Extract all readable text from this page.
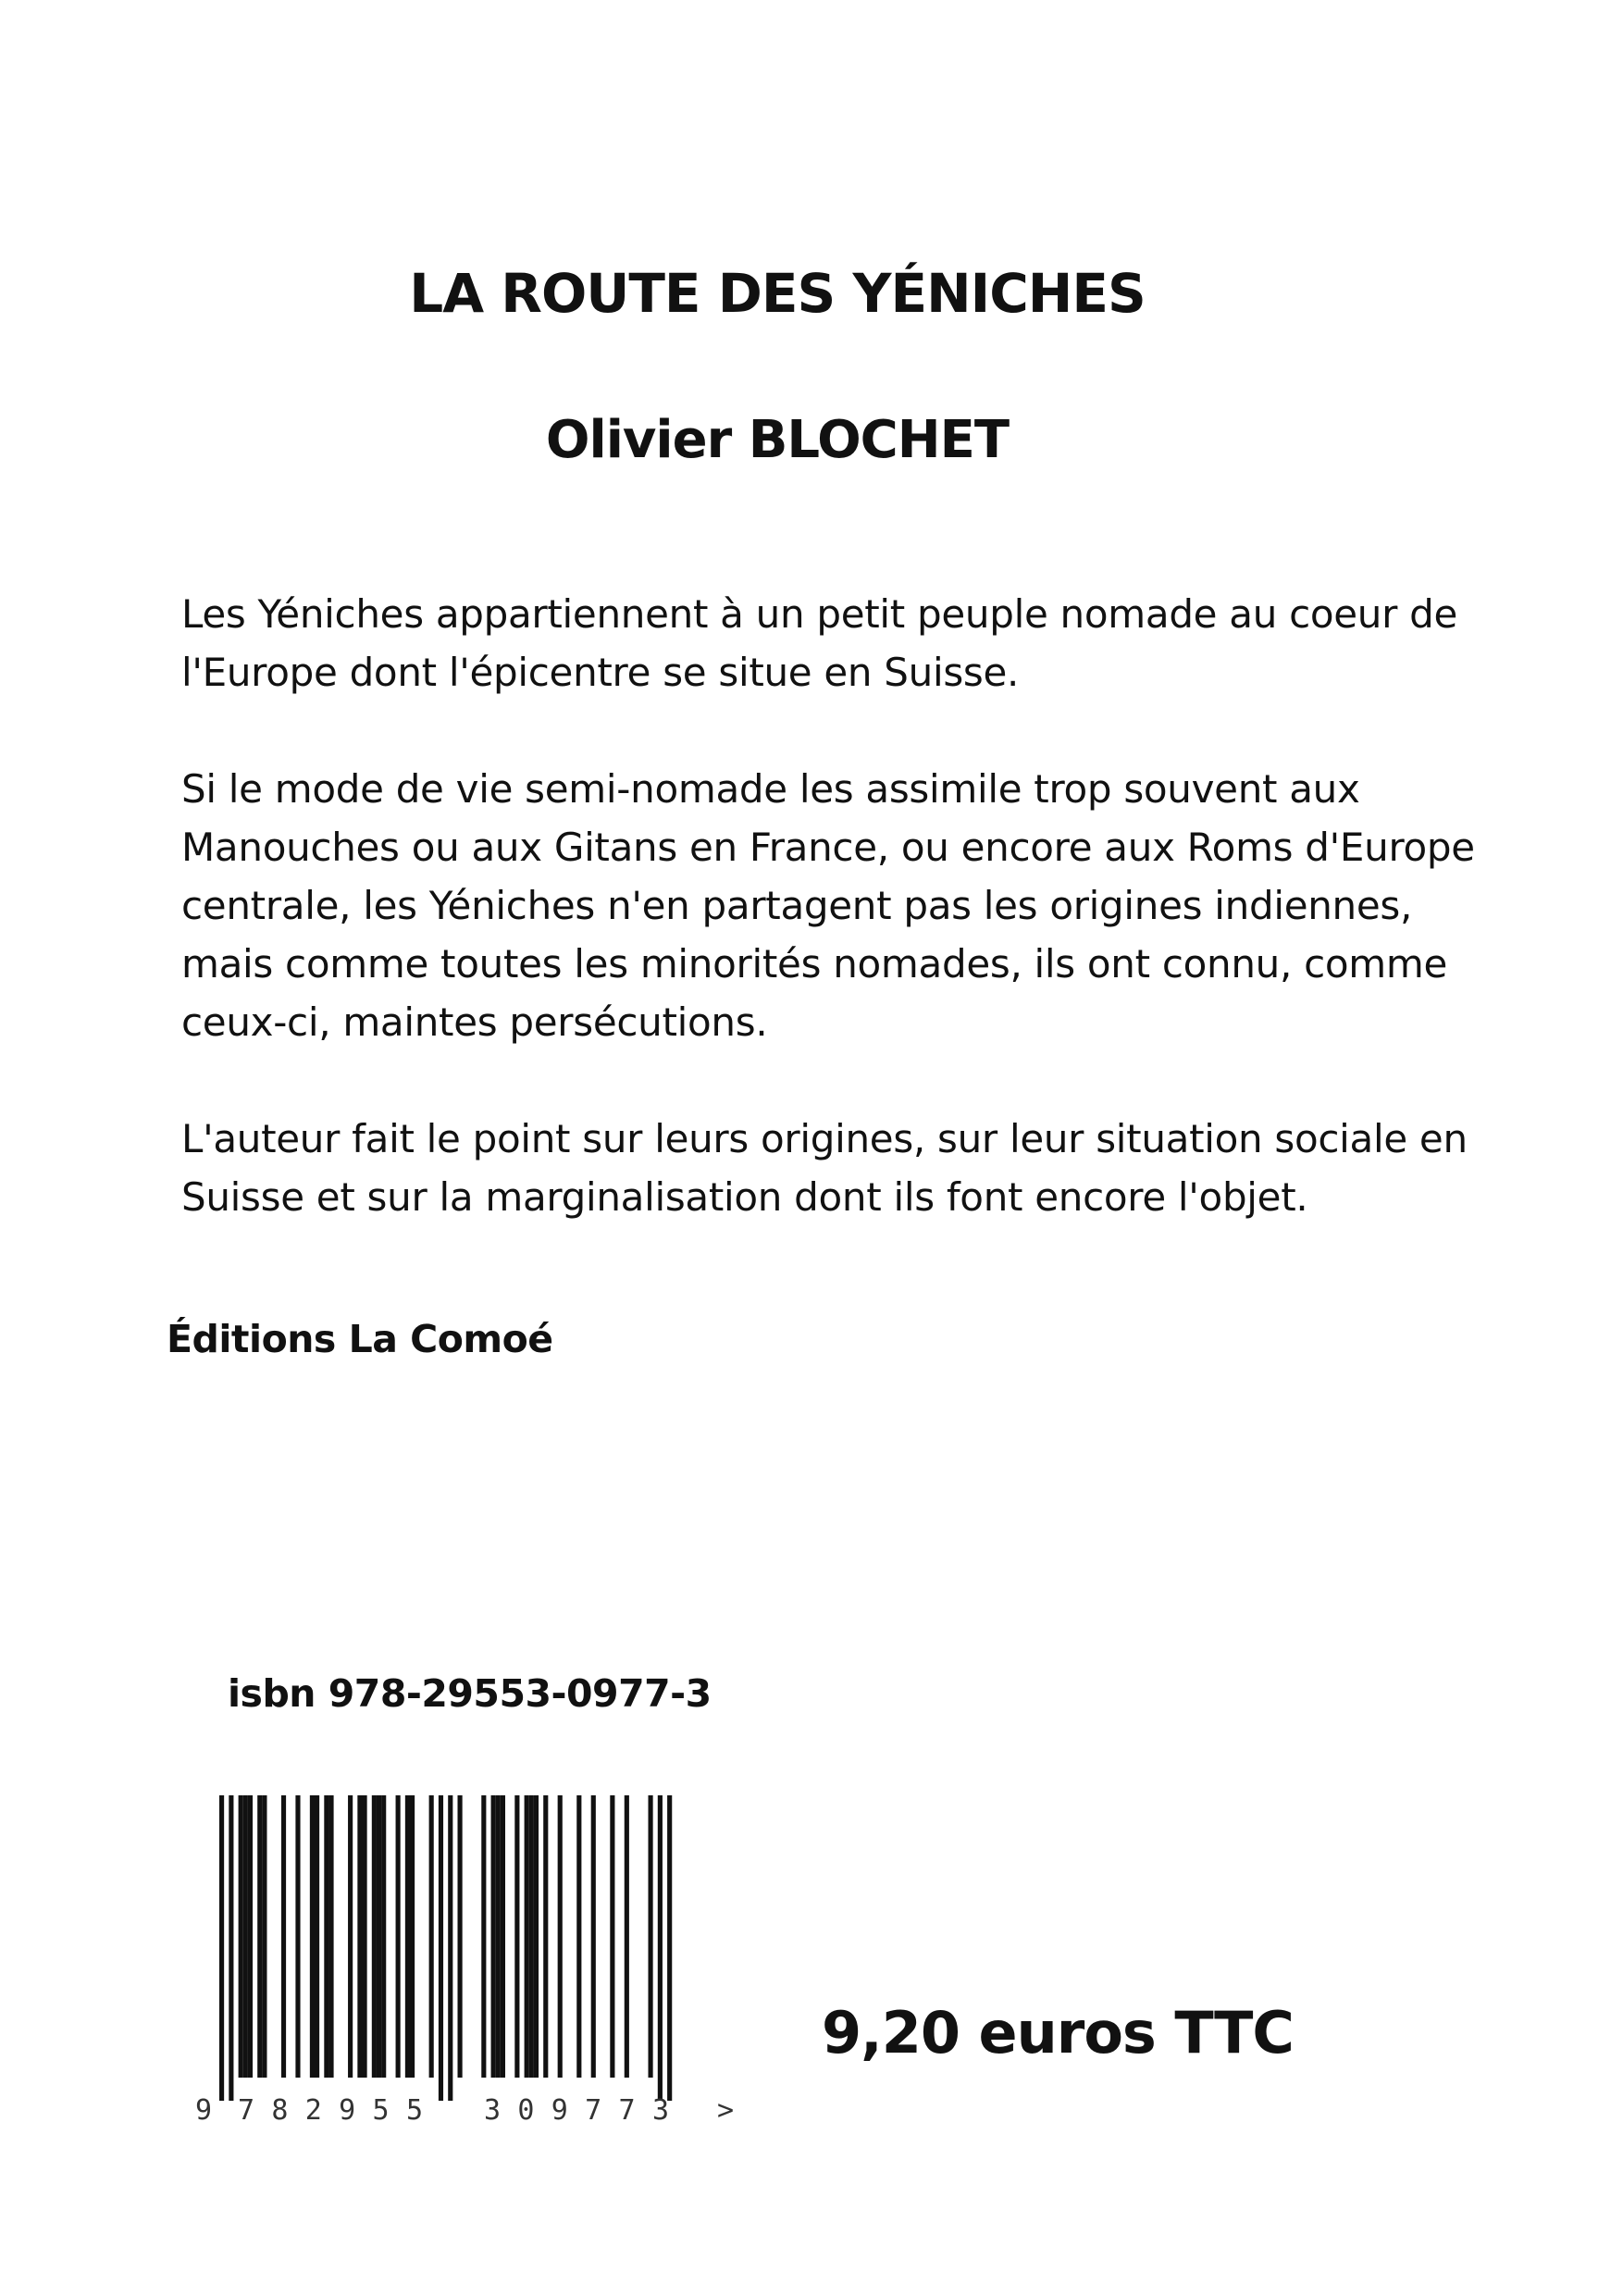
LA ROUTE DES YÉNICHES
Olivier BLOCHET

Les Yéniches appartiennent à un petit peuple nomade au coeur de l'Europe dont l'épicentre se situe en Suisse.

Si le mode de vie semi-nomade les assimile trop souvent aux Manouches ou aux Gitans en France, ou encore aux Roms d'Europe centrale, les Yéniches n'en partagent pas les origines indiennes, mais comme toutes les minorités nomades, ils ont connu, comme ceux-ci, maintes persécutions.

L'auteur fait le point sur leurs origines, sur leur situation sociale en Suisse et sur la marginalisation dont ils font encore l'objet.

Éditions La Comoé
isbn 978-29553-0977-3
9 782955 309773 >
9,20 euros TTC
